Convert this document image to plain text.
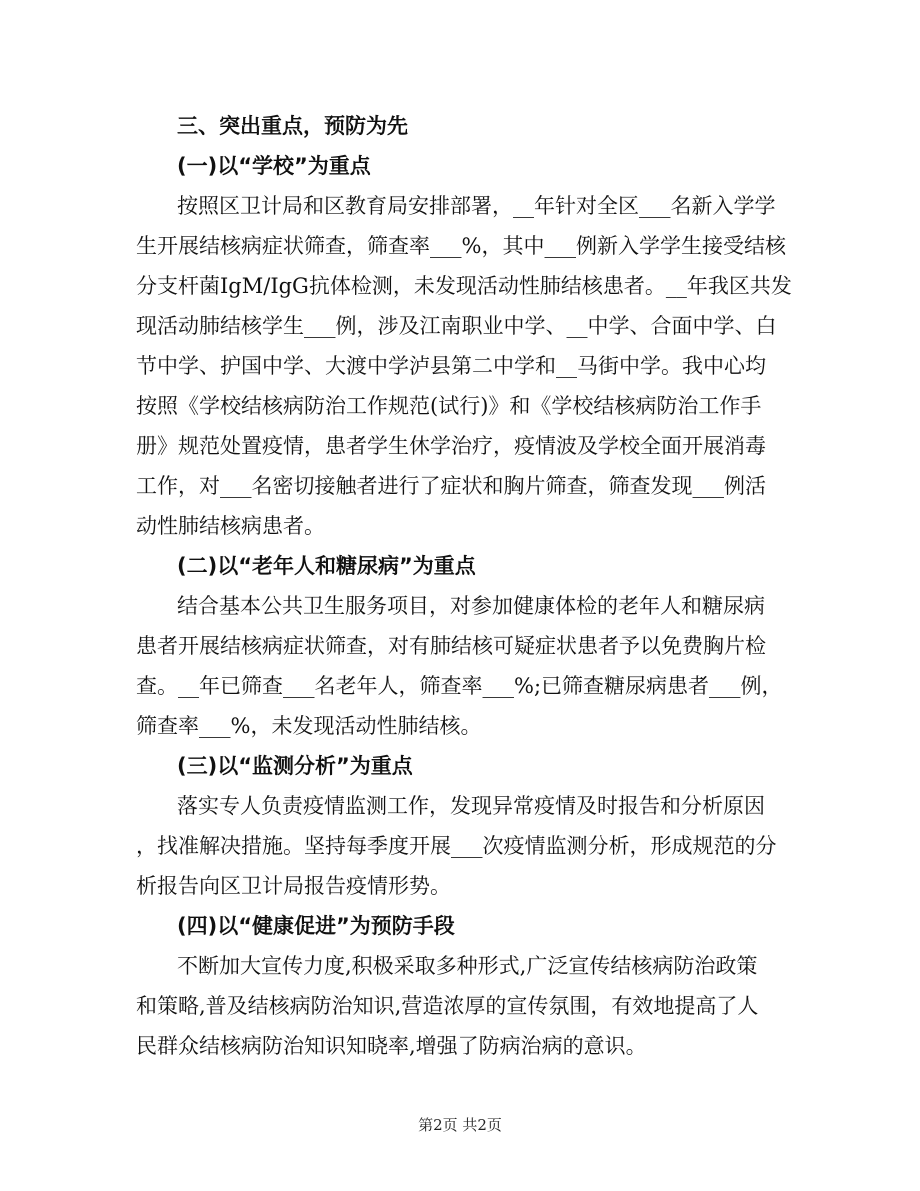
三、突出重点，预防为先

(一)以“学校”为重点

按照区卫计局和区教育局安排部署，__年针对全区___名新入学学
生开展结核病症状筛查，筛查率___%，其中___例新入学学生接受结核
分支杆菌IgM/IgG抗体检测，未发现活动性肺结核患者。__年我区共发
现活动肺结核学生___例，涉及江南职业中学、__中学、合面中学、白
节中学、护国中学、大渡中学泸县第二中学和__马街中学。我中心均
按照《学校结核病防治工作规范(试行)》和《学校结核病防治工作手
册》规范处置疫情，患者学生休学治疗，疫情波及学校全面开展消毒
工作，对___名密切接触者进行了症状和胸片筛查，筛查发现___例活
动性肺结核病患者。

(二)以“老年人和糖尿病”为重点

结合基本公共卫生服务项目，对参加健康体检的老年人和糖尿病
患者开展结核病症状筛查，对有肺结核可疑症状患者予以免费胸片检
查。__年已筛查___名老年人，筛查率___%;已筛查糖尿病患者___例，
筛查率___%，未发现活动性肺结核。

(三)以“监测分析”为重点

落实专人负责疫情监测工作，发现异常疫情及时报告和分析原因
，找准解决措施。坚持每季度开展___次疫情监测分析，形成规范的分
析报告向区卫计局报告疫情形势。

(四)以“健康促进”为预防手段

不断加大宣传力度,积极采取多种形式,广泛宣传结核病防治政策
和策略,普及结核病防治知识,营造浓厚的宣传氛围，有效地提高了人
民群众结核病防治知识知晓率,增强了防病治病的意识。
第2页 共2页
